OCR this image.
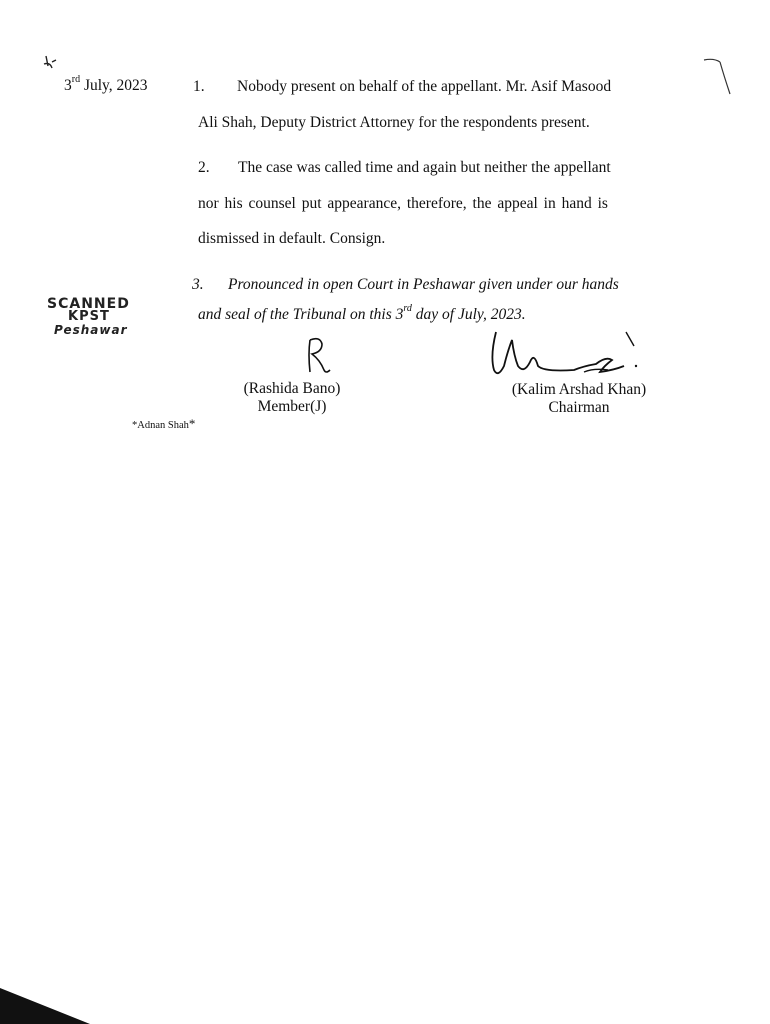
3rd July, 2023	1. Nobody present on behalf of the appellant. Mr. Asif Masood
Ali Shah, Deputy District Attorney for the respondents present.
2. The case was called time and again but neither the appellant
nor his counsel put appearance, therefore, the appeal in hand is
dismissed in default. Consign.
3. Pronounced in open Court in Peshawar given under our hands
and seal of the Tribunal on this 3rd day of July, 2023.
SCANNED
KPST
Peshawar
(Rashida Bano)
Member(J)
(Kalim Arshad Khan)
Chairman
*Adnan Shah*
